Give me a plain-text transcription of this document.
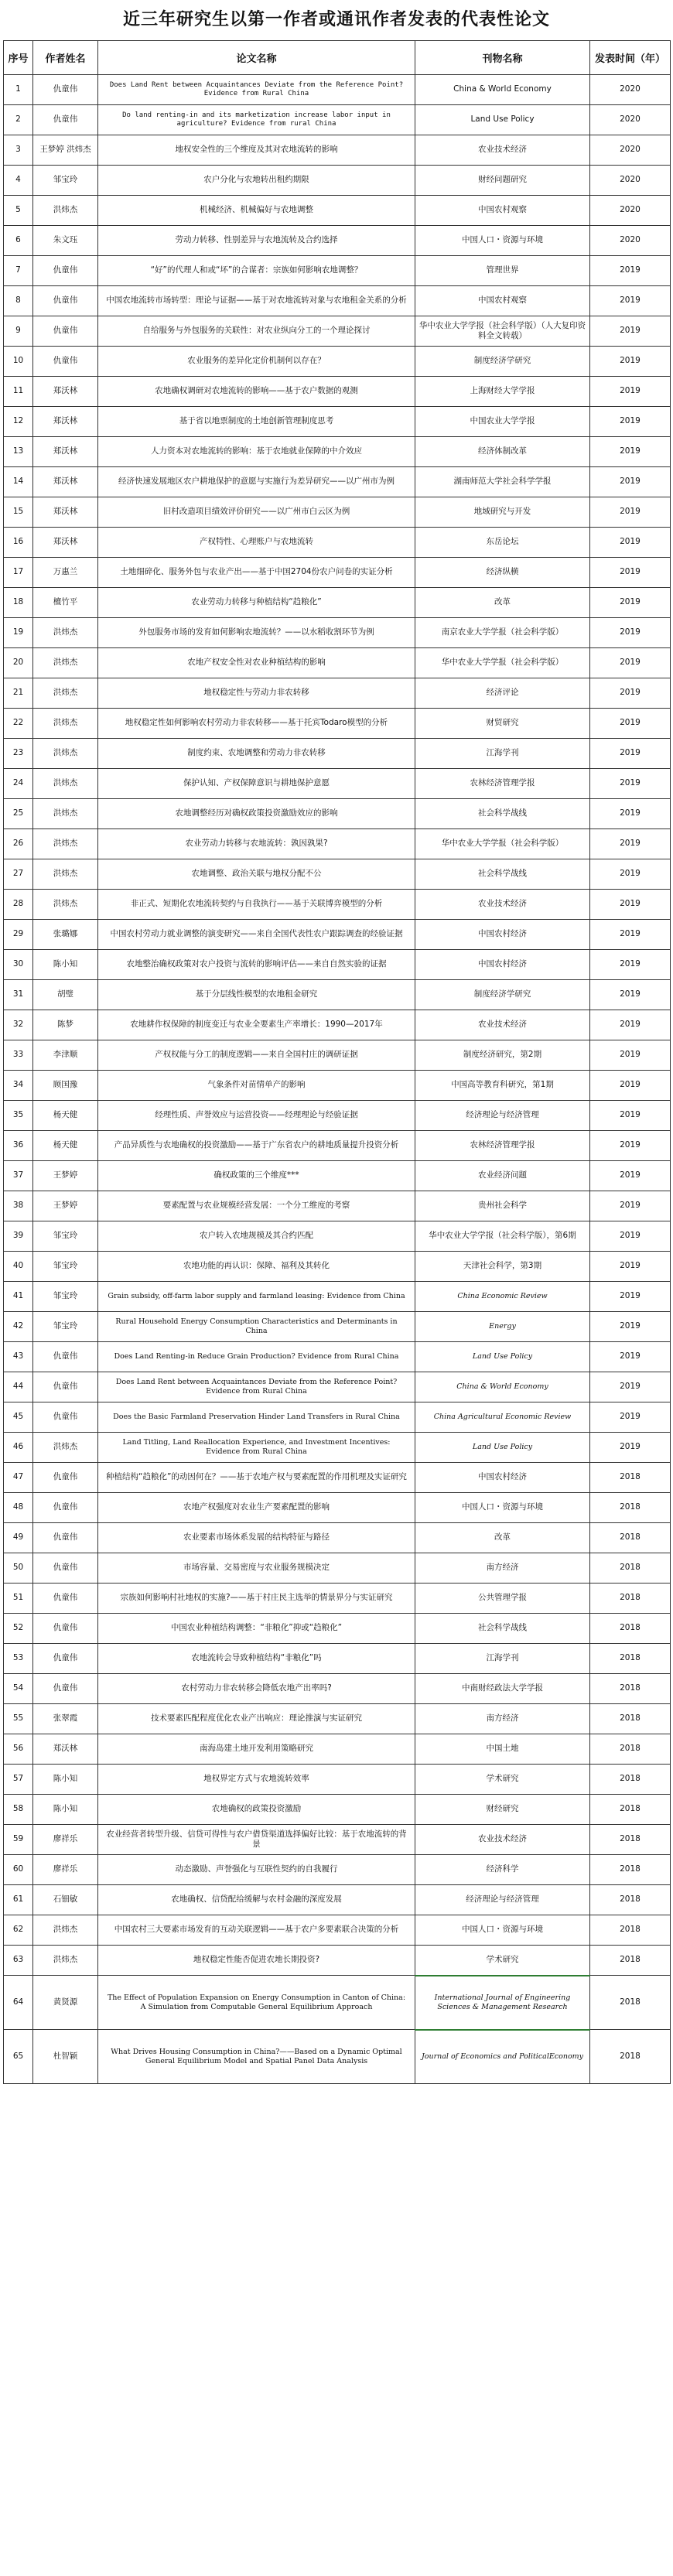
近三年研究生以第一作者或通讯作者发表的代表性论文
序号	作者姓名	论文名称	刊物名称	发表时间（年）
1	仇童伟	Does Land Rent between Acquaintances Deviate from the Reference Point? Evidence from Rural China	China & World Economy	2020
2	仇童伟	Do land renting-in and its marketization increase labor input in agriculture? Evidence from rural China	Land Use Policy	2020
3	王梦婷 洪炜杰	地权安全性的三个维度及其对农地流转的影响	农业技术经济	2020
4	邹宝玲	农户分化与农地转出租约期限	财经问题研究	2020
5	洪炜杰	机械经济、机械偏好与农地调整	中国农村观察	2020
6	朱文珏	劳动力转移、性别差异与农地流转及合约选择	中国人口・资源与环境	2020
7	仇童伟	“好”的代理人和或“坏”的合谋者：宗族如何影响农地调整？	管理世界	2019
8	仇童伟	中国农地流转市场转型：理论与证据——基于对农地流转对象与农地租金关系的分析	中国农村观察	2019
9	仇童伟	自给服务与外包服务的关联性：对农业纵向分工的一个理论探讨	华中农业大学学报（社会科学版）（人大复印资料全文转载）	2019
10	仇童伟	农业服务的差异化定价机制何以存在？	制度经济学研究	2019
11	郑沃林	农地确权调研对农地流转的影响——基于农户数据的观测	上海财经大学学报	2019
12	郑沃林	基于省以地票制度的土地创新管理制度思考	中国农业大学学报	2019
13	郑沃林	人力资本对农地流转的影响：基于农地就业保障的中介效应	经济体制改革	2019
14	郑沃林	经济快速发展地区农户耕地保护的意愿与实施行为差异研究——以广州市为例	湖南师范大学社会科学学报	2019
15	郑沃林	旧村改造项目绩效评价研究——以广州市白云区为例	地域研究与开发	2019
16	郑沃林	产权特性、心理账户与农地流转	东岳论坛	2019
17	万惠兰	土地细碎化、服务外包与农业产出——基于中国2704份农户问卷的实证分析	经济纵横	2019
18	檀竹平	农业劳动力转移与种植结构“趋粮化”	改革	2019
19	洪炜杰	外包服务市场的发育如何影响农地流转？——以水稻收割环节为例	南京农业大学学报（社会科学版）	2019
20	洪炜杰	农地产权安全性对农业种植结构的影响	华中农业大学学报（社会科学版）	2019
21	洪炜杰	地权稳定性与劳动力非农转移	经济评论	2019
22	洪炜杰	地权稳定性如何影响农村劳动力非农转移——基于托宾Todaro模型的分析	财贸研究	2019
23	洪炜杰	制度约束、农地调整和劳动力非农转移	江海学刊	2019
24	洪炜杰	保护认知、产权保障意识与耕地保护意愿	农林经济管理学报	2019
25	洪炜杰	农地调整经历对确权政策投资激励效应的影响	社会科学战线	2019
26	洪炜杰	农业劳动力转移与农地流转：孰因孰果?	华中农业大学学报（社会科学版）	2019
27	洪炜杰	农地调整、政治关联与地权分配不公	社会科学战线	2019
28	洪炜杰	非正式、短期化农地流转契约与自我执行——基于关联博弈模型的分析	农业技术经济	2019
29	张璐娜	中国农村劳动力就业调整的演变研究——来自全国代表性农户跟踪调查的经验证据	中国农村经济	2019
30	陈小知	农地整治确权政策对农户投资与流转的影响评估——来自自然实验的证据	中国农村经济	2019
31	胡璧	基于分层线性模型的农地租金研究	制度经济学研究	2019
32	陈梦	农地耕作权保障的制度变迁与农业全要素生产率增长：1990—2017年	农业技术经济	2019
33	李津顺	产权权能与分工的制度逻辑——来自全国村庄的调研证据	制度经济研究，第2期	2019
34	顾国豫	气象条件对苗情单产的影响	中国高等教育科研究，第1期	2019
35	杨天健	经理性质、声誉效应与运营投资——经理理论与经验证据	经济理论与经济管理	2019
36	杨天健	产品异质性与农地确权的投资激励——基于广东省农户的耕地质量提升投资分析	农林经济管理学报	2019
37	王梦婷	确权政策的三个维度***	农业经济问题	2019
38	王梦婷	要素配置与农业规模经营发展：一个分工维度的考察	贵州社会科学	2019
39	邹宝玲	农户转入农地规模及其合约匹配	华中农业大学学报（社会科学版），第6期	2019
40	邹宝玲	农地功能的再认识：保障、福利及其转化	天津社会科学，第3期	2019
41	邹宝玲	Grain subsidy, off-farm labor supply and farmland leasing: Evidence from China	China Economic Review	2019
42	邹宝玲	Rural Household Energy Consumption Characteristics and Determinants in China	Energy	2019
43	仇童伟	Does Land Renting-in Reduce Grain Production? Evidence from Rural China	Land Use Policy	2019
44	仇童伟	Does Land Rent between Acquaintances Deviate from the Reference Point? Evidence from Rural China	China & World Economy	2019
45	仇童伟	Does the Basic Farmland Preservation Hinder Land Transfers in Rural China	China Agricultural Economic Review	2019
46	洪炜杰	Land Titling, Land Reallocation Experience, and Investment Incentives: Evidence from Rural China	Land Use Policy	2019
47	仇童伟	种植结构“趋粮化”的动因何在？——基于农地产权与要素配置的作用机理及实证研究	中国农村经济	2018
48	仇童伟	农地产权强度对农业生产要素配置的影响	中国人口・资源与环境	2018
49	仇童伟	农业要素市场体系发展的结构特征与路径	改革	2018
50	仇童伟	市场容量、交易密度与农业服务规模决定	南方经济	2018
51	仇童伟	宗族如何影响村社地权的实施?——基于村庄民主选举的情景界分与实证研究	公共管理学报	2018
52	仇童伟	中国农业种植结构调整：“非粮化”抑或“趋粮化”	社会科学战线	2018
53	仇童伟	农地流转会导致种植结构“非粮化”吗	江海学刊	2018
54	仇童伟	农村劳动力非农转移会降低农地产出率吗?	中南财经政法大学学报	2018
55	张翠霞	技术要素匹配程度优化农业产出响应：理论推演与实证研究	南方经济	2018
56	郑沃林	南海岛建土地开发利用策略研究	中国土地	2018
57	陈小知	地权界定方式与农地流转效率	学术研究	2018
58	陈小知	农地确权的政策投资激励	财经研究	2018
59	廖祥乐	农业经营者转型升级、信贷可得性与农户借贷渠道选择偏好比较：基于农地流转的背景	农业技术经济	2018
60	廖祥乐	动态激励、声誉强化与互联性契约的自我履行	经济科学	2018
61	石钿敏	农地确权、信贷配给缓解与农村金融的深度发展	经济理论与经济管理	2018
62	洪炜杰	中国农村三大要素市场发育的互动关联逻辑——基于农户多要素联合决策的分析	中国人口・资源与环境	2018
63	洪炜杰	地权稳定性能否促进农地长期投资?	学术研究	2018
64	黄贤源	The Effect of Population Expansion on Energy Consumption in Canton of China: A Simulation from Computable General Equilibrium Approach	International Journal of Engineering Sciences & Management Research	2018
65	杜智颖	What Drives Housing Consumption in China?——Based on a Dynamic Optimal General Equilibrium Model and Spatial Panel Data Analysis	Journal of Economics and PoliticalEconomy	2018
